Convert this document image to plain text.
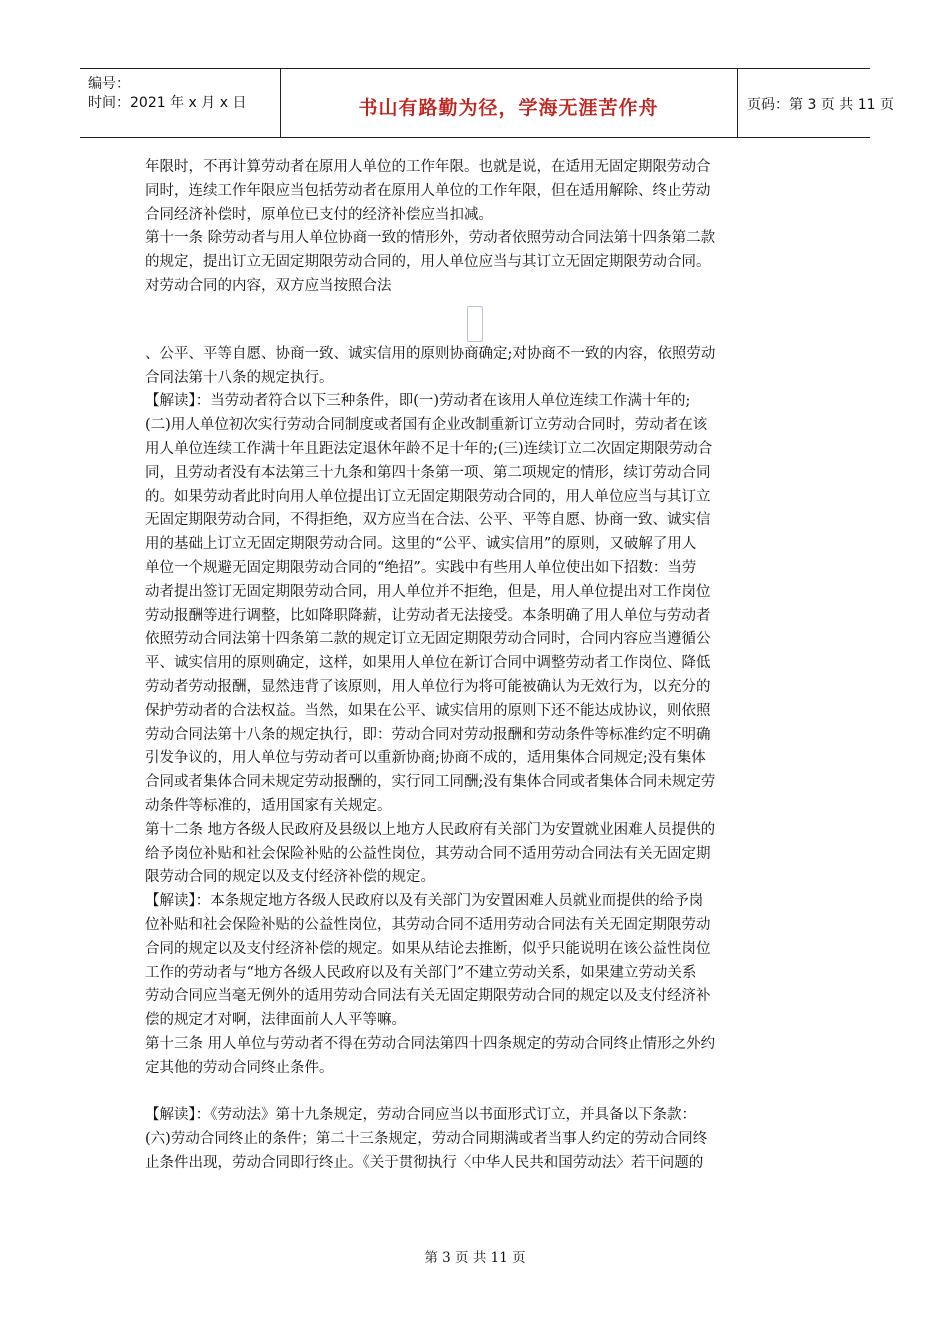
编号：
时间：2021 年 x 月 x 日	书山有路勤为径，学海无涯苦作舟	页码：第 3 页 共 11 页
年限时，不再计算劳动者在原用人单位的工作年限。也就是说，在适用无固定期限劳动合
同时，连续工作年限应当包括劳动者在原用人单位的工作年限，但在适用解除、终止劳动
合同经济补偿时，原单位已支付的经济补偿应当扣减。
第十一条 除劳动者与用人单位协商一致的情形外，劳动者依照劳动合同法第十四条第二款
的规定，提出订立无固定期限劳动合同的，用人单位应当与其订立无固定期限劳动合同。
对劳动合同的内容，双方应当按照合法
、公平、平等自愿、协商一致、诚实信用的原则协商确定;对协商不一致的内容，依照劳动
合同法第十八条的规定执行。
【解读】：当劳动者符合以下三种条件，即(一)劳动者在该用人单位连续工作满十年的;
(二)用人单位初次实行劳动合同制度或者国有企业改制重新订立劳动合同时，劳动者在该
用人单位连续工作满十年且距法定退休年龄不足十年的;(三)连续订立二次固定期限劳动合
同，且劳动者没有本法第三十九条和第四十条第一项、第二项规定的情形，续订劳动合同
的。如果劳动者此时向用人单位提出订立无固定期限劳动合同的，用人单位应当与其订立
无固定期限劳动合同，不得拒绝，双方应当在合法、公平、平等自愿、协商一致、诚实信
用的基础上订立无固定期限劳动合同。这里的“公平、诚实信用”的原则，又破解了用人
单位一个规避无固定期限劳动合同的“绝招”。实践中有些用人单位使出如下招数：当劳
动者提出签订无固定期限劳动合同，用人单位并不拒绝，但是，用人单位提出对工作岗位
劳动报酬等进行调整，比如降职降薪，让劳动者无法接受。本条明确了用人单位与劳动者
依照劳动合同法第十四条第二款的规定订立无固定期限劳动合同时，合同内容应当遵循公
平、诚实信用的原则确定，这样，如果用人单位在新订合同中调整劳动者工作岗位、降低
劳动者劳动报酬，显然违背了该原则，用人单位行为将可能被确认为无效行为，以充分的
保护劳动者的合法权益。当然，如果在公平、诚实信用的原则下还不能达成协议，则依照
劳动合同法第十八条的规定执行，即：劳动合同对劳动报酬和劳动条件等标准约定不明确
引发争议的，用人单位与劳动者可以重新协商;协商不成的，适用集体合同规定;没有集体
合同或者集体合同未规定劳动报酬的，实行同工同酬;没有集体合同或者集体合同未规定劳
动条件等标准的，适用国家有关规定。
第十二条 地方各级人民政府及县级以上地方人民政府有关部门为安置就业困难人员提供的
给予岗位补贴和社会保险补贴的公益性岗位，其劳动合同不适用劳动合同法有关无固定期
限劳动合同的规定以及支付经济补偿的规定。
【解读】：本条规定地方各级人民政府以及有关部门为安置困难人员就业而提供的给予岗
位补贴和社会保险补贴的公益性岗位，其劳动合同不适用劳动合同法有关无固定期限劳动
合同的规定以及支付经济补偿的规定。如果从结论去推断，似乎只能说明在该公益性岗位
工作的劳动者与“地方各级人民政府以及有关部门”不建立劳动关系，如果建立劳动关系
劳动合同应当毫无例外的适用劳动合同法有关无固定期限劳动合同的规定以及支付经济补
偿的规定才对啊，法律面前人人平等嘛。
第十三条 用人单位与劳动者不得在劳动合同法第四十四条规定的劳动合同终止情形之外约
定其他的劳动合同终止条件。
【解读】：《劳动法》第十九条规定，劳动合同应当以书面形式订立，并具备以下条款：
(六)劳动合同终止的条件；第二十三条规定，劳动合同期满或者当事人约定的劳动合同终
止条件出现，劳动合同即行终止。《关于贯彻执行〈中华人民共和国劳动法〉若干问题的
第 3 页 共 11 页
